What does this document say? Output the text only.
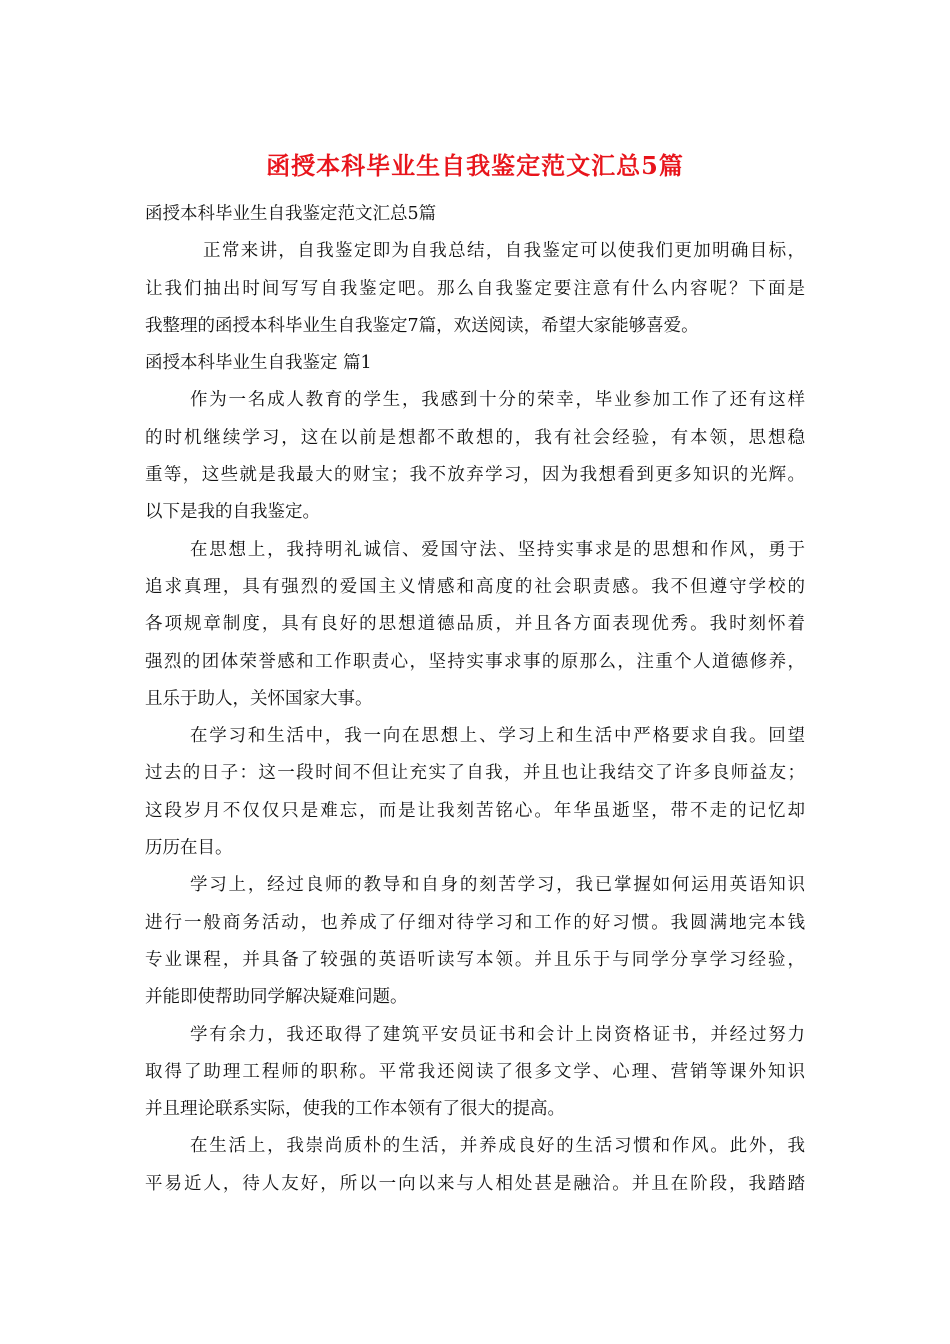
函授本科毕业生自我鉴定范文汇总5篇
函授本科毕业生自我鉴定范文汇总5篇
正常来讲，自我鉴定即为自我总结，自我鉴定可以使我们更加明确目标，
让我们抽出时间写写自我鉴定吧。那么自我鉴定要注意有什么内容呢？下面是
我整理的函授本科毕业生自我鉴定7篇，欢送阅读，希望大家能够喜爱。
函授本科毕业生自我鉴定 篇1
作为一名成人教育的学生，我感到十分的荣幸，毕业参加工作了还有这样
的时机继续学习，这在以前是想都不敢想的，我有社会经验，有本领，思想稳
重等，这些就是我最大的财宝；我不放弃学习，因为我想看到更多知识的光辉。
以下是我的自我鉴定。
在思想上，我持明礼诚信、爱国守法、坚持实事求是的思想和作风，勇于
追求真理，具有强烈的爱国主义情感和高度的社会职责感。我不但遵守学校的
各项规章制度，具有良好的思想道德品质，并且各方面表现优秀。我时刻怀着
强烈的团体荣誉感和工作职责心，坚持实事求事的原那么，注重个人道德修养，
且乐于助人，关怀国家大事。
在学习和生活中，我一向在思想上、学习上和生活中严格要求自我。回望
过去的日子：这一段时间不但让充实了自我，并且也让我结交了许多良师益友；
这段岁月不仅仅只是难忘，而是让我刻苦铭心。年华虽逝坚，带不走的记忆却
历历在目。
学习上，经过良师的教导和自身的刻苦学习，我已掌握如何运用英语知识
进行一般商务活动，也养成了仔细对待学习和工作的好习惯。我圆满地完本钱
专业课程，并具备了较强的英语听读写本领。并且乐于与同学分享学习经验，
并能即使帮助同学解决疑难问题。
学有余力，我还取得了建筑平安员证书和会计上岗资格证书，并经过努力
取得了助理工程师的职称。平常我还阅读了很多文学、心理、营销等课外知识
并且理论联系实际，使我的工作本领有了很大的提高。
在生活上，我崇尚质朴的生活，并养成良好的生活习惯和作风。此外，我
平易近人，待人友好，所以一向以来与人相处甚是融洽。并且在阶段，我踏踏
